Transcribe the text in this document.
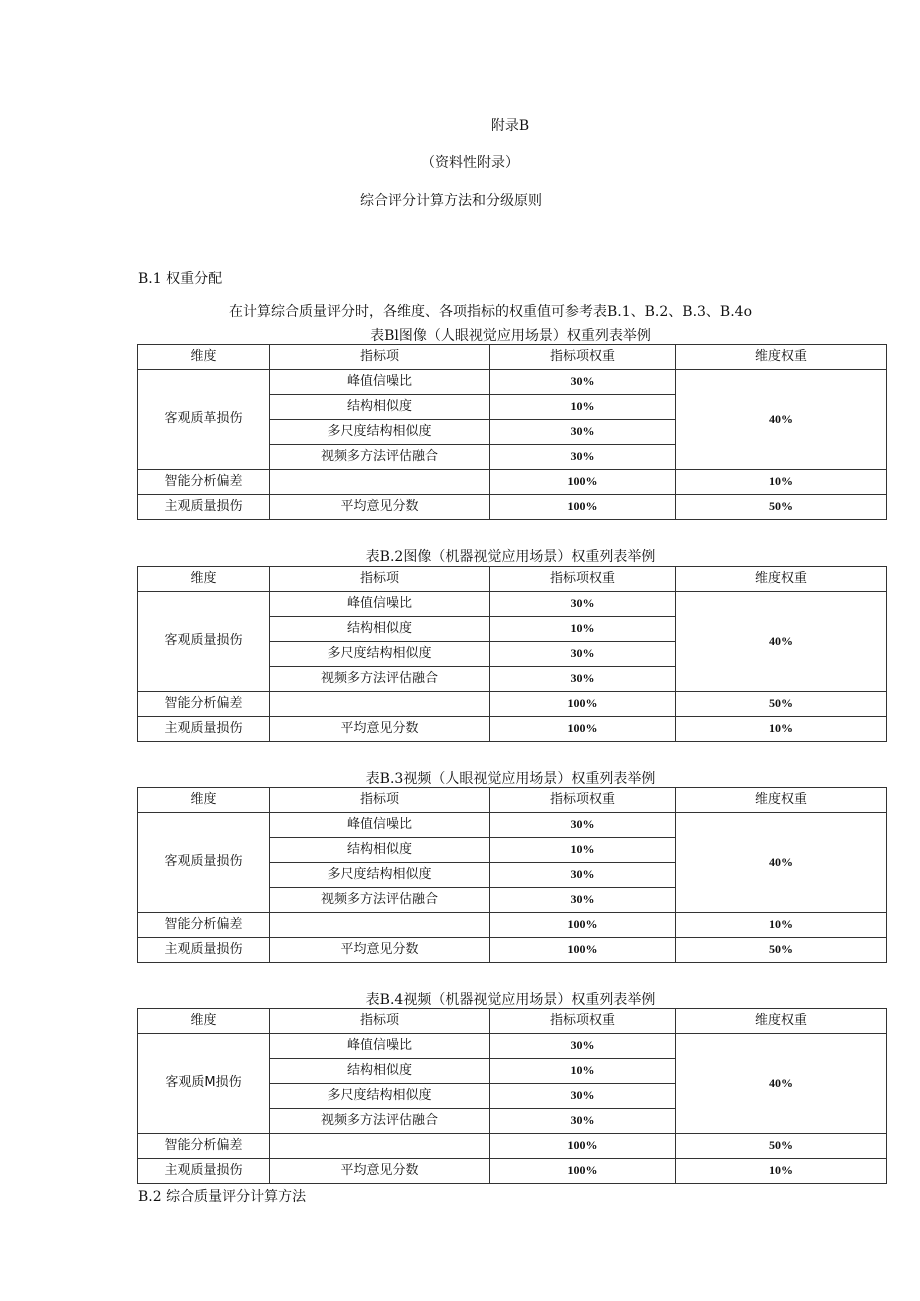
附录B
（资料性附录）
综合评分计算方法和分级原则
B.1 权重分配
在计算综合质量评分时，各维度、各项指标的权重值可参考表B.1、B.2、B.3、B.4o
表Bl图像（人眼视觉应用场景）权重列表举例
维度	指标项	指标项权重	维度权重
客观质革损伤	峰值信噪比	30%	40%
	结构相似度	10%	
	多尺度结构相似度	30%	
	视频多方法评估融合	30%	
智能分析偏差		100%	10%
主观质量损伤	平均意见分数	100%	50%
表B.2图像（机器视觉应用场景）权重列表举例
维度	指标项	指标项权重	维度权重
客观质量损伤	峰值信噪比	30%	40%
	结构相似度	10%	
	多尺度结构相似度	30%	
	视频多方法评估融合	30%	
智能分析偏差		100%	50%
主观质量损伤	平均意见分数	100%	10%
表B.3视频（人眼视觉应用场景）权重列表举例
维度	指标项	指标项权重	维度权重
客观质量损伤	峰值信噪比	30%	40%
	结构相似度	10%	
	多尺度结构相似度	30%	
	视频多方法评估融合	30%	
智能分析偏差		100%	10%
主观质量损伤	平均意见分数	100%	50%
表B.4视频（机器视觉应用场景）权重列表举例
维度	指标项	指标项权重	维度权重
客观质M损伤	峰值信噪比	30%	40%
	结构相似度	10%	
	多尺度结构相似度	30%	
	视频多方法评估融合	30%	
智能分析偏差		100%	50%
主观质量损伤	平均意见分数	100%	10%
B.2 综合质量评分计算方法
